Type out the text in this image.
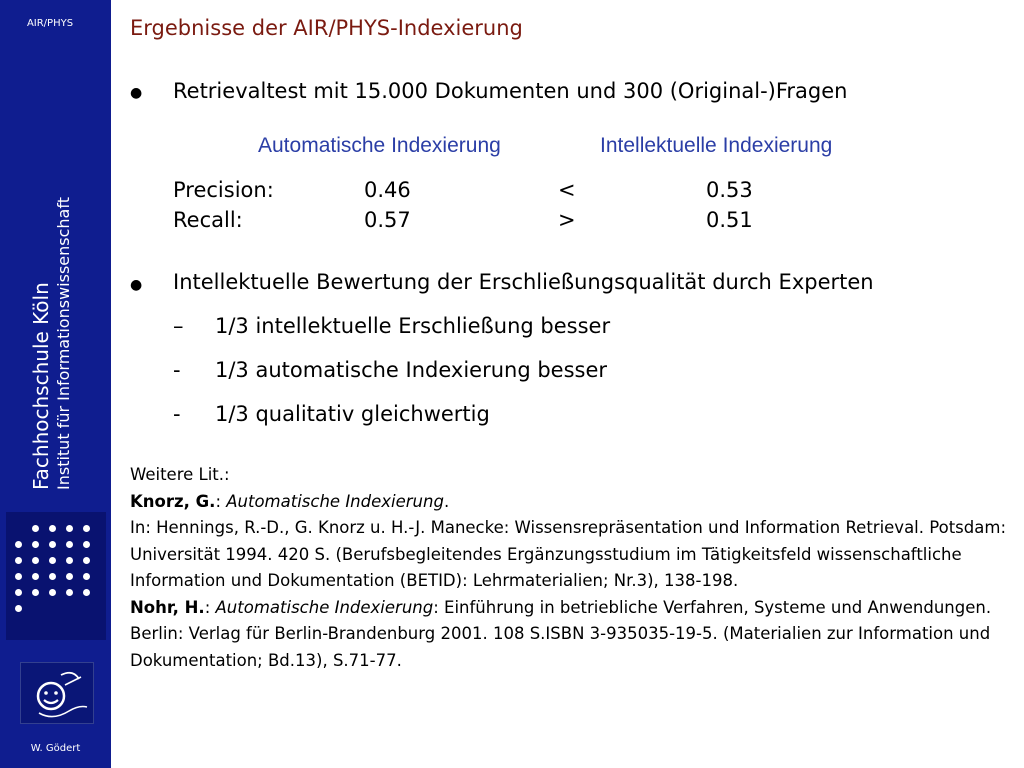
AIR/PHYS
Fachhochschule Köln Institut für Informationswissenschaft
W. Gödert
Ergebnisse der AIR/PHYS-Indexierung
● Retrievaltest mit 15.000 Dokumenten und 300 (Original-)Fragen
Automatische Indexierung	Intellektuelle Indexierung
Precision:	0.46	<	0.53
Recall:	0.57	>	0.51
● Intellektuelle Bewertung der Erschließungsqualität durch Experten
– 1/3 intellektuelle Erschließung besser
- 1/3 automatische Indexierung besser
- 1/3 qualitativ gleichwertig

Weitere Lit.:

Knorz, G.: Automatische Indexierung.

In: Hennings, R.-D., G. Knorz u. H.-J. Manecke: Wissensrepräsentation und Information Retrieval. Potsdam: Universität 1994. 420 S. (Berufsbegleitendes Ergänzungsstudium im Tätigkeitsfeld wissenschaftliche Information und Dokumentation (BETID): Lehrmaterialien; Nr.3), 138-198.

Nohr, H.: Automatische Indexierung: Einführung in betriebliche Verfahren, Systeme und Anwendungen. Berlin: Verlag für Berlin-Brandenburg 2001. 108 S.ISBN 3-935035-19-5. (Materialien zur Information und Dokumentation; Bd.13), S.71-77.
